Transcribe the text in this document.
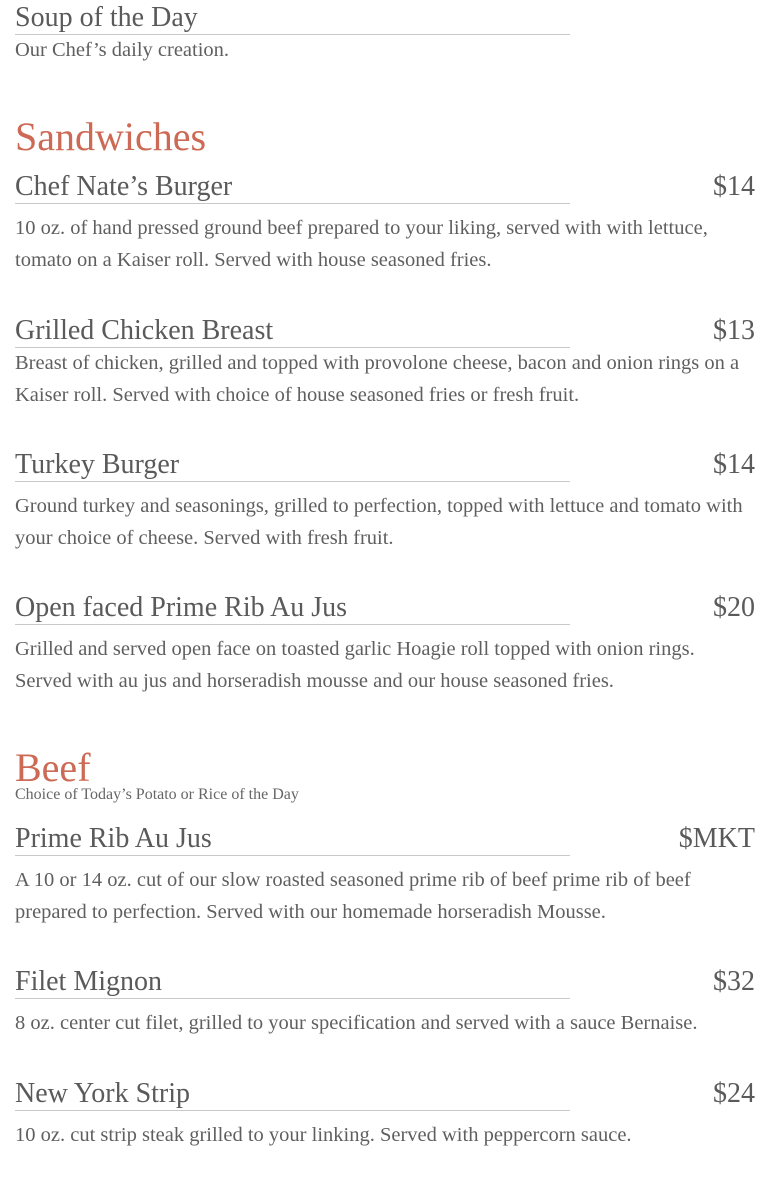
Soup of the Day
Our Chef’s daily creation.
Sandwiches
Chef Nate’s Burger	$14
10 oz. of hand pressed ground beef prepared to your liking, served with with lettuce, tomato on a Kaiser roll. Served with house seasoned fries.
Grilled Chicken Breast	$13
Breast of chicken, grilled and topped with provolone cheese, bacon and onion rings on a Kaiser roll. Served with choice of house seasoned fries or fresh fruit.
Turkey Burger	$14
Ground turkey and seasonings, grilled to perfection, topped with lettuce and tomato with your choice of cheese. Served with fresh fruit.
Open faced Prime Rib Au Jus	$20
Grilled and served open face on toasted garlic Hoagie roll topped with onion rings. Served with au jus and horseradish mousse and our house seasoned fries.
Beef
Choice of Today’s Potato or Rice of the Day
Prime Rib Au Jus	$MKT
A 10 or 14 oz. cut of our slow roasted seasoned prime rib of beef prime rib of beef prepared to perfection. Served with our homemade horseradish Mousse.
Filet Mignon	$32
8 oz. center cut filet, grilled to your specification and served with a sauce Bernaise.
New York Strip	$24
10 oz. cut strip steak grilled to your linking. Served with peppercorn sauce.
